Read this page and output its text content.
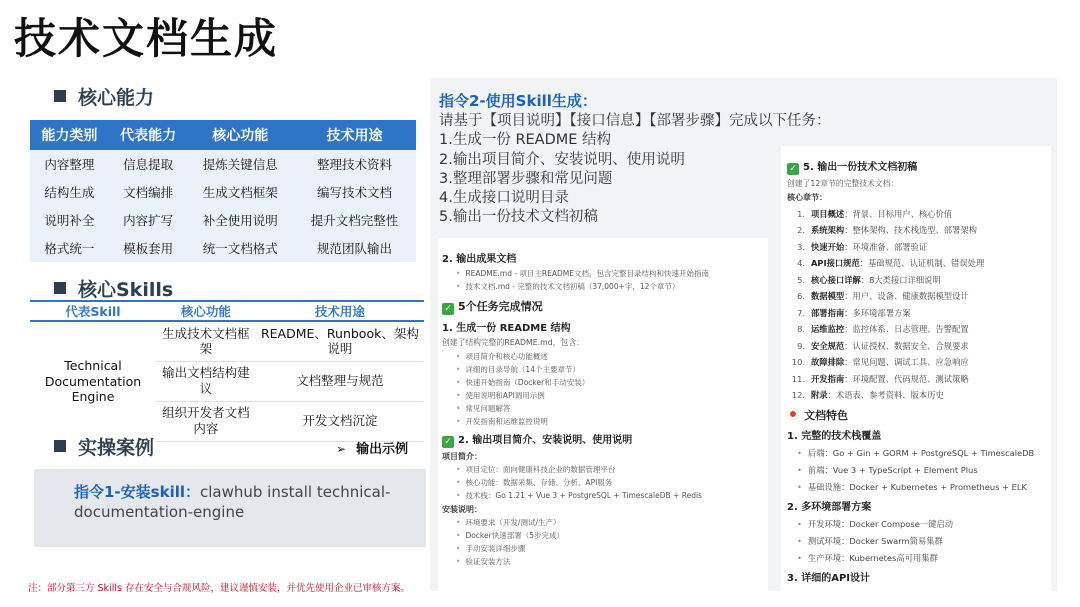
技术文档生成
核心能力
能力类别	代表能力	核心功能	技术用途
内容整理	信息提取	提炼关键信息	整理技术资料
结构生成	文档编排	生成文档框架	编写技术文档
说明补全	内容扩写	补全使用说明	提升文档完整性
格式统一	模板套用	统一文档格式	规范团队输出
核心Skills
代表Skill	核心功能	技术用途
Technical Documentation Engine	生成技术文档框架	README、Runbook、架构说明
	输出文档结构建议	文档整理与规范
	组织开发者文档内容	开发文档沉淀
实操案例	➢ 输出示例
指令1-安装skill：clawhub install technical-documentation-engine
注：部分第三方 Skills 存在安全与合规风险，建议谨慎安装，并优先使用企业已审核方案。
指令2-使用Skill生成：
请基于【项目说明】【接口信息】【部署步骤】完成以下任务：
1.生成一份 README 结构
2.输出项目简介、安装说明、使用说明
3.整理部署步骤和常见问题
4.生成接口说明目录
5.输出一份技术文档初稿
2. 输出成果文档
• README.md - 项目主README文档，包含完整目录结构和快速开始指南
• 技术文档.md - 完整的技术文档初稿（37,000+字，12个章节）
✓ 5个任务完成情况
1. 生成一份 README 结构
创建了结构完整的README.md，包含：
• 项目简介和核心功能概述
• 详细的目录导航（14个主要章节）
• 快速开始指南（Docker和手动安装）
• 使用说明和API调用示例
• 常见问题解答
• 开发指南和运维监控说明
✓ 2. 输出项目简介、安装说明、使用说明
项目简介：
• 项目定位：面向健康科技企业的数据管理平台
• 核心功能：数据采集、存储、分析、API服务
• 技术栈：Go 1.21 + Vue 3 + PostgreSQL + TimescaleDB + Redis
安装说明：
• 环境要求（开发/测试/生产）
• Docker快速部署（5步完成）
• 手动安装详细步骤
• 验证安装方法
✓ 5. 输出一份技术文档初稿
创建了12章节的完整技术文档：
核心章节：
1. 项目概述：背景、目标用户、核心价值
2. 系统架构：整体架构、技术栈选型、部署架构
3. 快速开始：环境准备、部署验证
4. API接口规范：基础规范、认证机制、错误处理
5. 核心接口详解：8大类接口详细说明
6. 数据模型：用户、设备、健康数据模型设计
7. 部署指南：多环境部署方案
8. 运维监控：监控体系、日志管理、告警配置
9. 安全规范：认证授权、数据安全、合规要求
10. 故障排除：常见问题、调试工具、应急响应
11. 开发指南：环境配置、代码规范、测试策略
12. 附录：术语表、参考资料、版本历史
文档特色
1. 完整的技术栈覆盖
• 后端：Go + Gin + GORM + PostgreSQL + TimescaleDB
• 前端：Vue 3 + TypeScript + Element Plus
• 基础设施：Docker + Kubernetes + Prometheus + ELK
2. 多环境部署方案
• 开发环境：Docker Compose一键启动
• 测试环境：Docker Swarm简易集群
• 生产环境：Kubernetes高可用集群
3. 详细的API设计
